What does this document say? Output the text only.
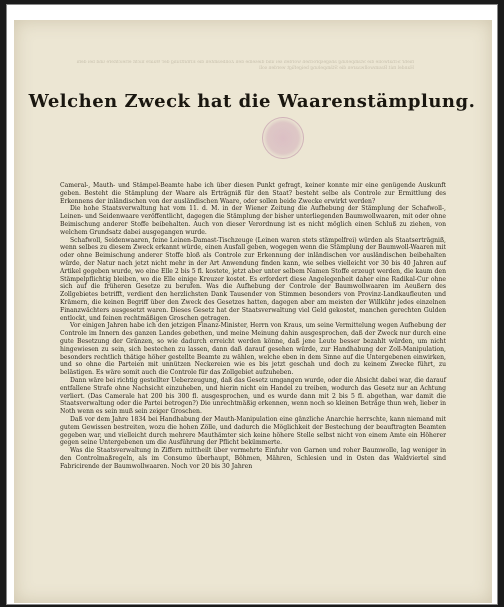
mehr Schafwolle die Stämpelung ansgesprochen worden sei und dieselbe den Zollbeamten die Ermittlung der Waare nicht erleichtere und bei dem Handel mit Baumwollwaaren die Stämpelung beigefügt werden soll
Welchen Zweck hat die Waarenstämplung.

Cameral-, Mauth- und Stämpel-Beamte habe ich über diesen Punkt gefragt, keiner konnte mir eine genügende Auskunft geben. Besteht die Stämplung der Waare als Erträgniß für den Staat? besteht selbe als Controle zur Ermittlung des Erkennens der inländischen von der ausländischen Waare, oder sollen beide Zwecke erwirkt werden?

Die hohe Staatsverwaltung hat vom 11. d. M. in der Wiener Zeitung die Aufhebung der Stämplung der Schafwoll-, Leinen- und Seidenwaare veröffentlicht, dagegen die Stämplung der bisher unterliegenden Baumwollwaaren, mit oder ohne Beimischung anderer Stoffe beibehalten. Auch von dieser Verordnung ist es nicht möglich einen Schluß zu ziehen, von welchem Grundsatz dabei ausgegangen wurde.

Schafwoll, Seidenwaaren, feine Leinen-Damast-Tischzeuge (Leinen waren stets stämpelfrei) würden als Staatserträgniß, wenn selbes zu diesem Zweck erkannt würde, einen Ausfall geben, wogegen wenn die Stämplung der Baumwoll-Waaren mit oder ohne Beimischung anderer Stoffe bloß als Controle zur Erkennung der inländischen vor ausländischen beibehalten würde, der Natur nach jetzt nicht mehr in der Art Anwendung finden kann, wie selbes vielleicht vor 30 bis 40 Jahren auf Artikel gegeben wurde, wo eine Elle 2 bis 5 fl. kostete, jetzt aber unter selbem Namen Stoffe erzeugt werden, die kaum den Stämpelpflichtig bleiben, wo die Elle einige Kreuzer kostet. Es erfordert diese Angelegenheit daher eine Radikal-Cur ohne sich auf die früheren Gesetze zu berufen. Was die Aufhebung der Controle der Baumwollwaaren im Aeußern des Zollgebietes betrifft, verdient den herzlichsten Dank Tausender von Stimmen besonders von Provinz-Landkaufleuten und Krämern, die keinen Begriff über den Zweck des Gesetzes hatten, dagegen aber am meisten der Willkühr jedes einzelnen Finanzwächters ausgesetzt waren. Dieses Gesetz hat der Staatsverwaltung viel Geld gekostet, manchen gerechten Gulden entlockt, und feinen rechtmäßigen Groschen getragen.

Vor einigen Jahren habe ich den jetzigen Finanz-Minister, Herrn von Kraus, um seine Vermittelung wegen Aufhebung der Controle im Innern des ganzen Landes gebethen, und meine Meinung dahin ausgesprochen, daß der Zweck nur durch eine gute Besetzung der Gränzen, so wie dadurch erreicht werden könne, daß jene Leute besser bezahlt würden, um nicht hingewiesen zu sein, sich bestechen zu lassen, dann daß darauf gesehen würde, zur Handhabung der Zoll-Manipulation, besonders rechtlich thätige höher gestellte Beamte zu wählen, welche eben in dem Sinne auf die Untergebenen einwirken, und so ohne die Parteien mit unnützen Neckereien wie es bis jetzt geschah und doch zu keinem Zwecke führt, zu belästigen. Es wäre somit auch die Controle für das Zollgebiet aufzuheben.

Dann wäre bei richtig gestellter Ueberzeugung, daß das Gesetz umgangen wurde, oder die Absicht dabei war, die darauf entfallene Strafe ohne Nachsicht einzuheben, und hierin nicht ein Handel zu treiben, wodurch das Gesetz nur an Achtung verliert. (Das Camerale hat 200 bis 300 fl. ausgesprochen, und es wurde dann mit 2 bis 5 fl. abgethan, war damit die Staatsverwaltung oder die Partei betrogen?) Die unrechtmäßig erkennen, wenn noch so kleinen Beträge thun weh, lieber in Noth wenn es sein muß sein zeiger Groschen.

Daß vor dem Jahre 1834 bei Handhabung der Mauth-Manipulation eine gänzliche Anarchie herrschte, kann niemand mit gutem Gewissen bestreiten, wozu die hohen Zölle, und dadurch die Möglichkeit der Bestechung der beauftragten Beamten gegeben war, und vielleicht durch mehrere Mauthämter sich keine höhere Stelle selbst nicht von einem Amte ein Höherer gegen seine Untergebenen um die Ausführung der Pflicht bekümmerte.

Was die Staatsverwaltung in Ziffern mittheilt über vermehrte Einfuhr von Garnen und roher Baumwolle, lag weniger in den Controlmaßregeln, als im Consumo überhaupt, Böhmen, Mähren, Schlesien und in Osten das Waldviertel sind Fabricirende der Baumwollwaaren. Noch vor 20 bis 30 Jahren
